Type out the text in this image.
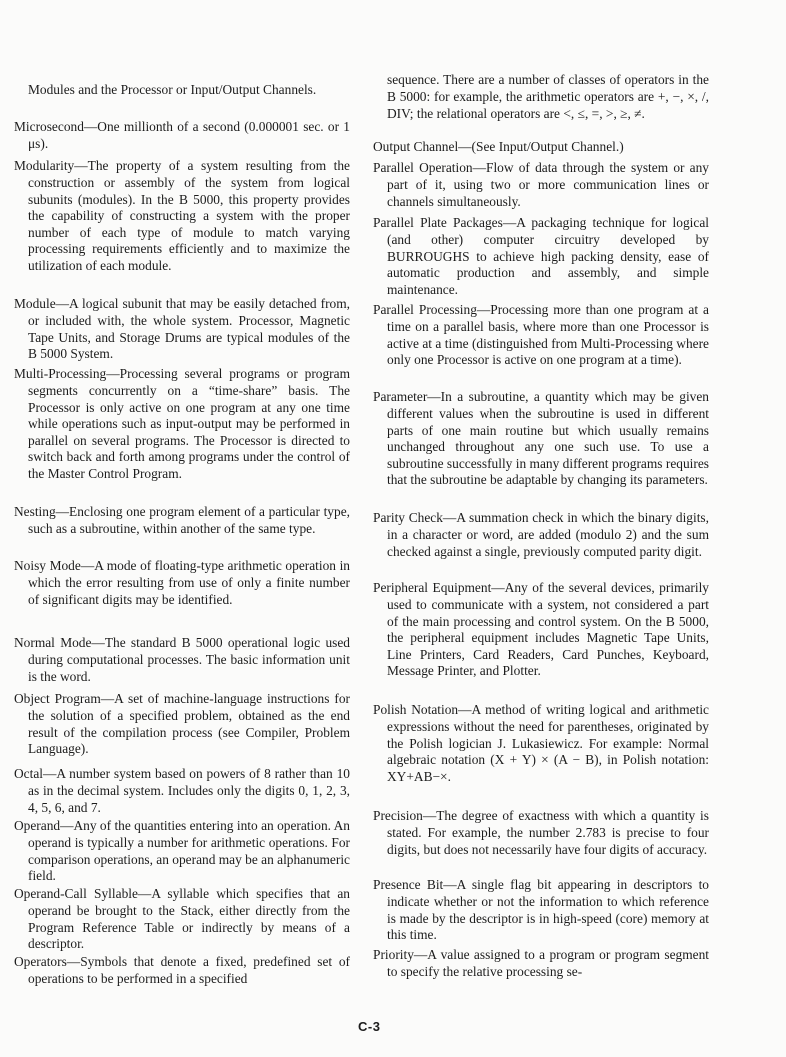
Modules and the Processor or Input/Output Channels.

Microsecond—One millionth of a second (0.000001 sec. or 1 μs).

Modularity—The property of a system resulting from the construction or assembly of the system from logical subunits (modules). In the B 5000, this property provides the capability of constructing a system with the proper number of each type of module to match varying processing requirements efficiently and to maximize the utilization of each module.

Module—A logical subunit that may be easily detached from, or included with, the whole system. Processor, Magnetic Tape Units, and Storage Drums are typical modules of the B 5000 System.

Multi-Processing—Processing several programs or program segments concurrently on a “time-share” basis. The Processor is only active on one program at any one time while operations such as input-output may be performed in parallel on several programs. The Processor is directed to switch back and forth among programs under the control of the Master Control Program.

Nesting—Enclosing one program element of a particular type, such as a subroutine, within another of the same type.

Noisy Mode—A mode of floating-type arithmetic operation in which the error resulting from use of only a finite number of significant digits may be identified.

Normal Mode—The standard B 5000 operational logic used during computational processes. The basic information unit is the word.

Object Program—A set of machine-language instructions for the solution of a specified problem, obtained as the end result of the compilation process (see Compiler, Problem Language).

Octal—A number system based on powers of 8 rather than 10 as in the decimal system. Includes only the digits 0, 1, 2, 3, 4, 5, 6, and 7.

Operand—Any of the quantities entering into an operation. An operand is typically a number for arithmetic operations. For comparison operations, an operand may be an alphanumeric field.

Operand-Call Syllable—A syllable which specifies that an operand be brought to the Stack, either directly from the Program Reference Table or indirectly by means of a descriptor.

Operators—Symbols that denote a fixed, predefined set of operations to be performed in a specified

sequence. There are a number of classes of operators in the B 5000: for example, the arithmetic operators are +, −, ×, /, DIV; the relational operators are <, ≤, =, >, ≥, ≠.

Output Channel—(See Input/Output Channel.)

Parallel Operation—Flow of data through the system or any part of it, using two or more communication lines or channels simultaneously.

Parallel Plate Packages—A packaging technique for logical (and other) computer circuitry developed by BURROUGHS to achieve high packing density, ease of automatic production and assembly, and simple maintenance.

Parallel Processing—Processing more than one program at a time on a parallel basis, where more than one Processor is active at a time (distinguished from Multi-Processing where only one Processor is active on one program at a time).

Parameter—In a subroutine, a quantity which may be given different values when the subroutine is used in different parts of one main routine but which usually remains unchanged throughout any one such use. To use a subroutine successfully in many different programs requires that the subroutine be adaptable by changing its parameters.

Parity Check—A summation check in which the binary digits, in a character or word, are added (modulo 2) and the sum checked against a single, previously computed parity digit.

Peripheral Equipment—Any of the several devices, primarily used to communicate with a system, not considered a part of the main processing and control system. On the B 5000, the peripheral equipment includes Magnetic Tape Units, Line Printers, Card Readers, Card Punches, Keyboard, Message Printer, and Plotter.

Polish Notation—A method of writing logical and arithmetic expressions without the need for parentheses, originated by the Polish logician J. Lukasiewicz. For example: Normal algebraic notation (X + Y) × (A − B), in Polish notation: XY+AB−×.

Precision—The degree of exactness with which a quantity is stated. For example, the number 2.783 is precise to four digits, but does not necessarily have four digits of accuracy.

Presence Bit—A single flag bit appearing in descriptors to indicate whether or not the information to which reference is made by the descriptor is in high-speed (core) memory at this time.

Priority—A value assigned to a program or program segment to specify the relative processing se-

C-3
